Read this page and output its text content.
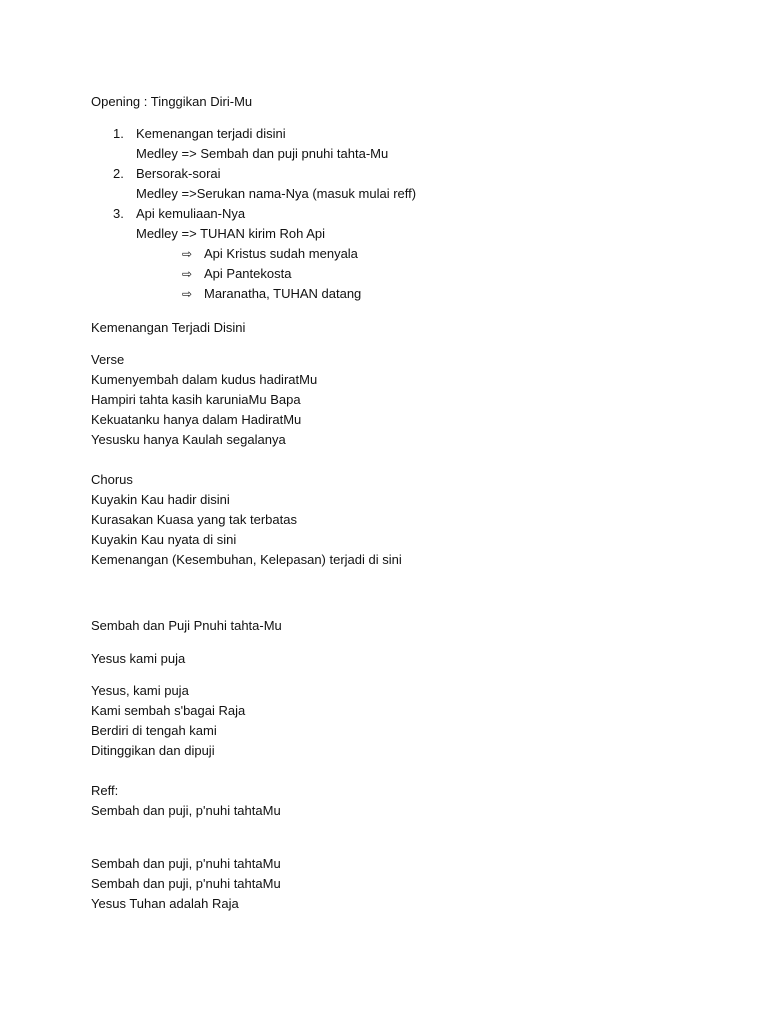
Opening : Tinggikan Diri-Mu
1. Kemenangan terjadi disini
Medley => Sembah dan puji pnuhi tahta-Mu
2. Bersorak-sorai
Medley =>Serukan nama-Nya (masuk mulai reff)
3. Api kemuliaan-Nya
Medley => TUHAN kirim Roh Api
⇨ Api Kristus sudah menyala
⇨ Api Pantekosta
⇨ Maranatha, TUHAN datang
Kemenangan Terjadi Disini
Verse
Kumenyembah dalam kudus hadiratMu
Hampiri tahta kasih karuniaMu Bapa
Kekuatanku hanya dalam HadiratMu
Yesusku hanya Kaulah segalanya
Chorus
Kuyakin Kau hadir disini
Kurasakan Kuasa yang tak terbatas
Kuyakin Kau nyata di sini
Kemenangan (Kesembuhan, Kelepasan) terjadi di sini
Sembah dan Puji Pnuhi tahta-Mu
Yesus kami puja
Yesus, kami puja
Kami sembah s'bagai Raja
Berdiri di tengah kami
Ditinggikan dan dipuji
Reff:
Sembah dan puji, p'nuhi tahtaMu
Sembah dan puji, p'nuhi tahtaMu
Sembah dan puji, p'nuhi tahtaMu
Yesus Tuhan adalah Raja
